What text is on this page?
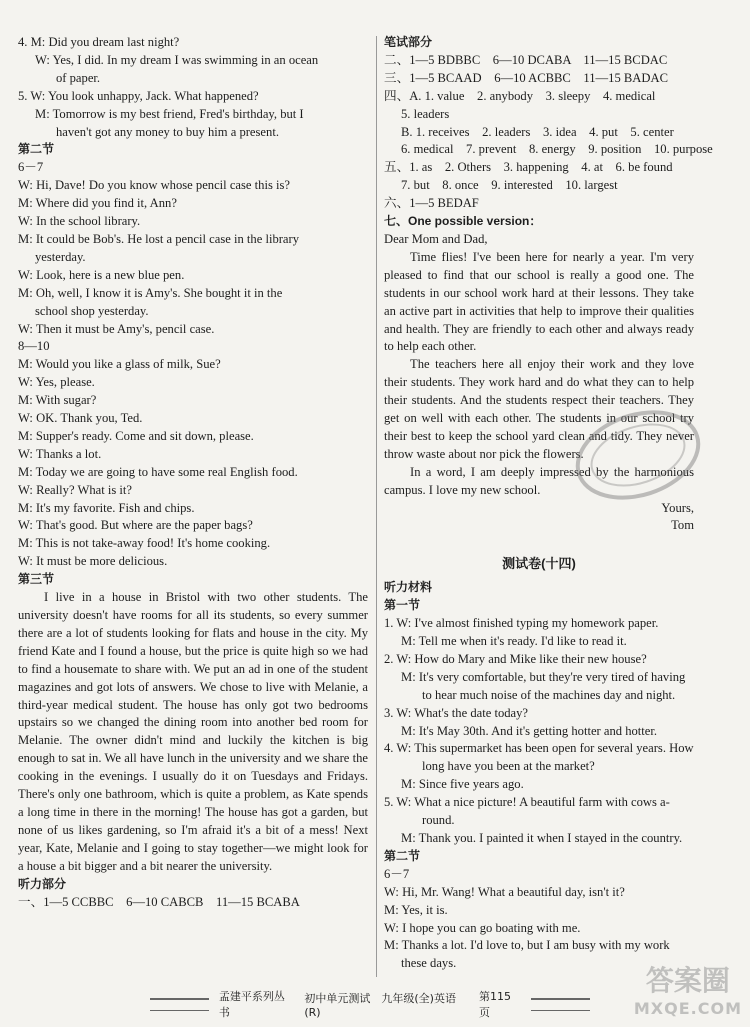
4. M: Did you dream last night?
W: Yes, I did. In my dream I was swimming in an ocean
of paper.
5. W: You look unhappy, Jack. What happened?
M: Tomorrow is my best friend, Fred's birthday, but I
haven't got any money to buy him a present.
第二节
6－7
W: Hi, Dave! Do you know whose pencil case this is?
M: Where did you find it, Ann?
W: In the school library.
M: It could be Bob's. He lost a pencil case in the library
yesterday.
W: Look, here is a new blue pen.
M: Oh, well, I know it is Amy's. She bought it in the
school shop yesterday.
W: Then it must be Amy's, pencil case.
8—10
M: Would you like a glass of milk, Sue?
W: Yes, please.
M: With sugar?
W: OK. Thank you, Ted.
M: Supper's ready. Come and sit down, please.
W: Thanks a lot.
M: Today we are going to have some real English food.
W: Really? What is it?
M: It's my favorite. Fish and chips.
W: That's good. But where are the paper bags?
M: This is not take-away food! It's home cooking.
W: It must be more delicious.
第三节
I live in a house in Bristol with two other students. The university doesn't have rooms for all its students, so every summer there are a lot of students looking for flats and house in the city. My friend Kate and I found a house, but the price is quite high so we had to find a housemate to share with. We put an ad in one of the student magazines and got lots of answers. We chose to live with Melanie, a third-year medical student. The house has only got two bedrooms upstairs so we changed the dining room into another bed room for Melanie. The owner didn't mind and luckily the kitchen is big enough to sat in. We all have lunch in the university and we share the cooking in the evenings. I usually do it on Tuesdays and Fridays. There's only one bathroom, which is quite a problem, as Kate spends a long time in there in the morning! The house has got a garden, but none of us likes gardening, so I'm afraid it's a bit of a mess! Next year, Kate, Melanie and I going to stay together—we might look for a house a bit bigger and a bit nearer the university.
听力部分
一、1—5 CCBBC　6—10 CABCB　11—15 BCABA
笔试部分
二、1—5 BDBBC　6—10 DCABA　11—15 BCDAC
三、1—5 BCAAD　6—10 ACBBC　11—15 BADAC
四、A. 1. value　2. anybody　3. sleepy　4. medical
5. leaders
B. 1. receives　2. leaders　3. idea　4. put　5. center
6. medical　7. prevent　8. energy　9. position　10. purpose
五、1. as　2. Others　3. happening　4. at　6. be found
7. but　8. once　9. interested　10. largest
六、1—5 BEDAF
七、One possible version：
Dear Mom and Dad,
Time flies! I've been here for nearly a year. I'm very pleased to find that our school is really a good one. The students in our school work hard at their lessons. They take an active part in activities that help to improve their qualities and health. They are friendly to each other and always ready to help each other.
The teachers here all enjoy their work and they love their students. They work hard and do what they can to help their students. And the students respect their teachers. They get on well with each other. The students in our school try their best to keep the school yard clean and tidy. They never throw waste about nor pick the flowers.
In a word, I am deeply impressed by the harmonious campus. I love my new school.
Yours,
Tom
测试卷(十四)
听力材料
第一节
1. W: I've almost finished typing my homework paper.
M: Tell me when it's ready. I'd like to read it.
2. W: How do Mary and Mike like their new house?
M: It's very comfortable, but they're very tired of having
to hear much noise of the machines day and night.
3. W: What's the date today?
M: It's May 30th. And it's getting hotter and hotter.
4. W: This supermarket has been open for several years. How
long have you been at the market?
M: Since five years ago.
5. W: What a nice picture! A beautiful farm with cows a-
round.
M: Thank you. I painted it when I stayed in the country.
第二节
6－7
W: Hi, Mr. Wang! What a beautiful day, isn't it?
M: Yes, it is.
W: I hope you can go boating with me.
M: Thanks a lot. I'd love to, but I am busy with my work
these days.
孟建平系列丛书
初中单元测试　九年级(全)英语(R)
第115页
答案圈
MXQE.COM
